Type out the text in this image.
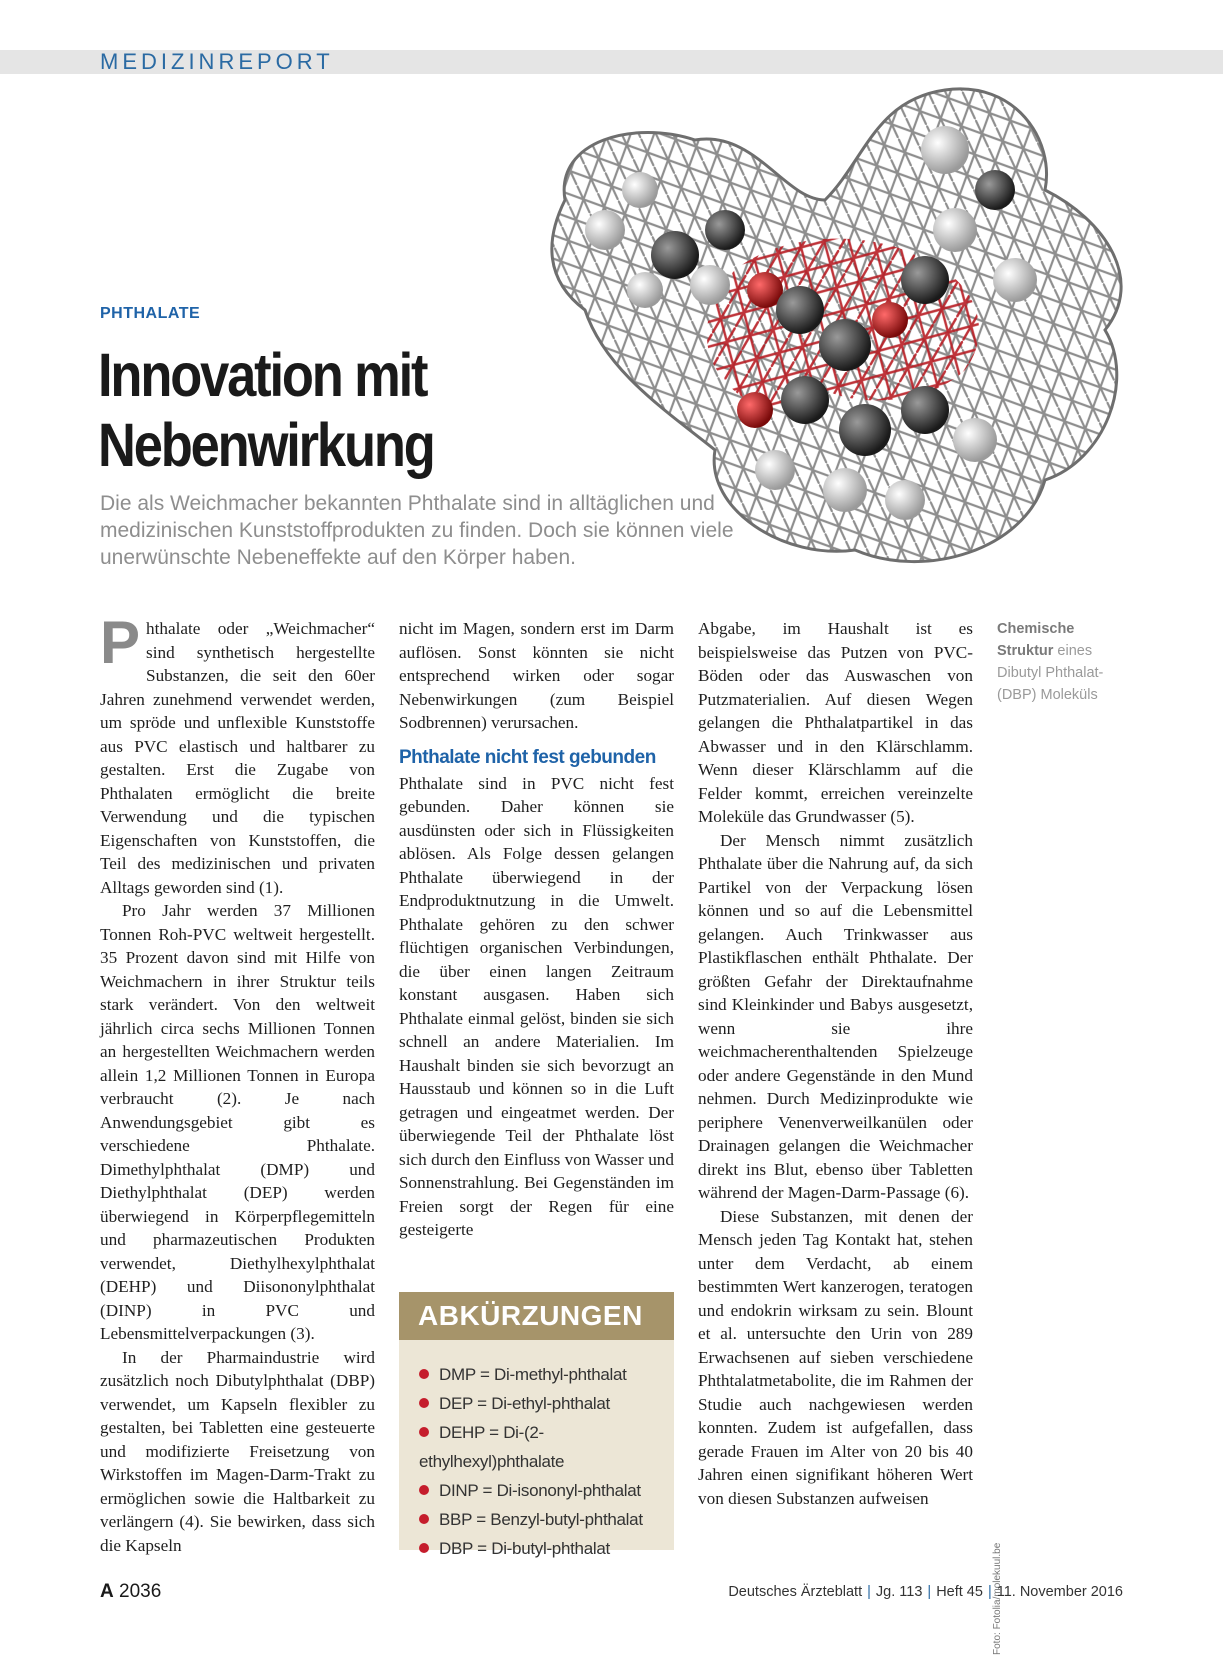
MEDIZINREPORT
PHTHALATE
Innovation mit
Nebenwirkung
Die als Weichmacher bekannten Phthalate sind in alltäglichen und medizinischen Kunststoffprodukten zu finden. Doch sie können viele unerwünschte Nebeneffekte auf den Körper haben.

P hthalate oder „Weichmacher“ sind synthetisch hergestellte Substanzen, die seit den 60er Jahren zunehmend verwendet werden, um spröde und unflexible Kunststoffe aus PVC elastisch und haltbarer zu gestalten. Erst die Zugabe von Phthalaten ermöglicht die breite Verwendung und die typischen Eigenschaften von Kunststoffen, die Teil des medizinischen und privaten Alltags geworden sind (1).

Pro Jahr werden 37 Millionen Tonnen Roh-PVC weltweit hergestellt. 35 Prozent davon sind mit Hilfe von Weichmachern in ihrer Struktur teils stark verändert. Von den weltweit jährlich circa sechs Millionen Tonnen an hergestellten Weichmachern werden allein 1,2 Millionen Tonnen in Europa verbraucht (2). Je nach Anwendungsgebiet gibt es verschiedene Phthalate. Dimethylphthalat (DMP) und Diethylphthalat (DEP) werden überwiegend in Körperpflegemitteln und pharmazeutischen Produkten verwendet, Diethylhexylphthalat (DEHP) und Diisononylphthalat (DINP) in PVC und Lebensmittelverpackungen (3).

In der Pharmaindustrie wird zusätzlich noch Dibutylphthalat (DBP) verwendet, um Kapseln flexibler zu gestalten, bei Tabletten eine gesteuerte und modifizierte Freisetzung von Wirkstoffen im Magen-Darm-Trakt zu ermöglichen sowie die Haltbarkeit zu verlängern (4). Sie bewirken, dass sich die Kapseln

nicht im Magen, sondern erst im Darm auflösen. Sonst könnten sie nicht entsprechend wirken oder sogar Nebenwirkungen (zum Beispiel Sodbrennen) verursachen.

Phthalate nicht fest gebunden

Phthalate sind in PVC nicht fest gebunden. Daher können sie ausdünsten oder sich in Flüssigkeiten ablösen. Als Folge dessen gelangen Phthalate überwiegend in der Endproduktnutzung in die Umwelt. Phthalate gehören zu den schwer flüchtigen organischen Verbindungen, die über einen langen Zeitraum konstant ausgasen. Haben sich Phthalate einmal gelöst, binden sie sich schnell an andere Materialien. Im Haushalt binden sie sich bevorzugt an Hausstaub und können so in die Luft getragen und eingeatmet werden. Der überwiegende Teil der Phthalate löst sich durch den Einfluss von Wasser und Sonnenstrahlung. Bei Gegenständen im Freien sorgt der Regen für eine gesteigerte

ABKÜRZUNGEN
DMP = Di-methyl-phthalat
DEP = Di-ethyl-phthalat
DEHP = Di-(2-ethylhexyl)phthalate
DINP = Di-isononyl-phthalat
BBP = Benzyl-butyl-phthalat
DBP = Di-butyl-phthalat

Abgabe, im Haushalt ist es beispielsweise das Putzen von PVC-Böden oder das Auswaschen von Putzmaterialien. Auf diesen Wegen gelangen die Phthalatpartikel in das Abwasser und in den Klärschlamm. Wenn dieser Klärschlamm auf die Felder kommt, erreichen vereinzelte Moleküle das Grundwasser (5).

Der Mensch nimmt zusätzlich Phthalate über die Nahrung auf, da sich Partikel von der Verpackung lösen können und so auf die Lebensmittel gelangen. Auch Trinkwasser aus Plastikflaschen enthält Phthalate. Der größten Gefahr der Direktaufnahme sind Kleinkinder und Babys ausgesetzt, wenn sie ihre weichmacherenthaltenden Spielzeuge oder andere Gegenstände in den Mund nehmen. Durch Medizinprodukte wie periphere Venenverweilkanülen oder Drainagen gelangen die Weichmacher direkt ins Blut, ebenso über Tabletten während der Magen-Darm-Passage (6).

Diese Substanzen, mit denen der Mensch jeden Tag Kontakt hat, stehen unter dem Verdacht, ab einem bestimmten Wert kanzerogen, teratogen und endokrin wirksam zu sein. Blount et al. untersuchte den Urin von 289 Erwachsenen auf sieben verschiedene Phthtalatmetabolite, die im Rahmen der Studie auch nachgewiesen werden konnten. Zudem ist aufgefallen, dass gerade Frauen im Alter von 20 bis 40 Jahren einen signifikant höheren Wert von diesen Substanzen aufweisen

Chemische Struktur eines Dibutyl Phthalat- (DBP) Moleküls
Foto: Fotolia/molekuul.be
A 2036	Deutsches Ärzteblatt | Jg. 113 | Heft 45 | 11. November 2016
